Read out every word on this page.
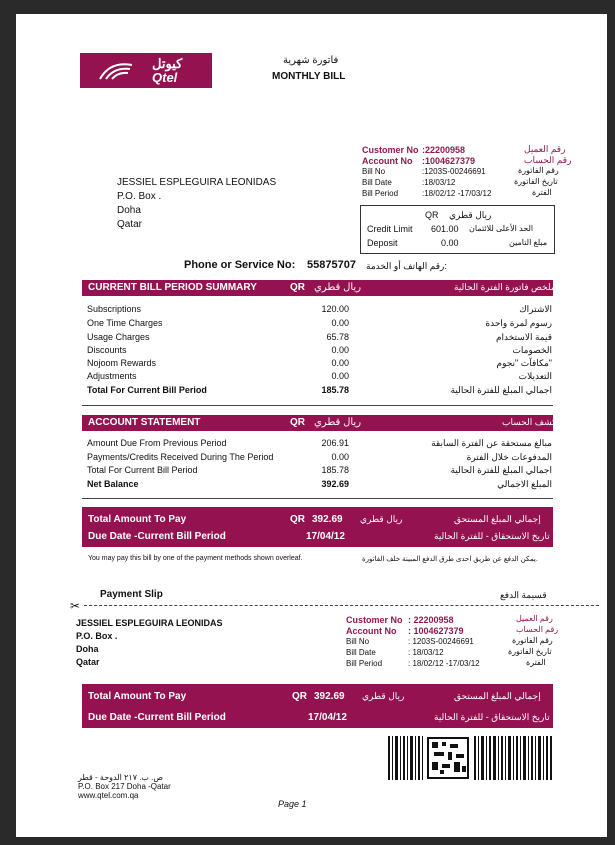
كيوتل
Qtel
فاتورة شهرية
MONTHLY BILL
JESSIEL ESPLEGUIRA LEONIDAS
P.O. Box .
Doha
Qatar
Customer No :22200958	رقم العميل
Account No :1004627379	رقم الحساب
Bill No	:1203S-00246691	رقم الفاتورة
Bill Date	:18/03/12	تاريخ الفاتورة
Bill Period	:18/02/12 -17/03/12	الفترة
QR ريال قطري
Credit Limit 601.00 الحد الأعلى للائتمان
Deposit	0.00	مبلغ التامين
Phone or Service No: 55875707 رقم الهاتف أو الخدمة:
CURRENT BILL PERIOD SUMMARY	QR ريال قطري	ملخص فاتورة الفترة الحالية
Subscriptions	120.00	الاشتراك
One Time Charges	0.00	رسوم لمرة واحدة
Usage Charges	65.78	قيمة الاستخدام
Discounts	0.00	الخصومات
Nojoom Rewards	0.00	مكافآت "نجوم"
Adjustments	0.00	التعديلات
Total For Current Bill Period	185.78	اجمالي المبلغ للفترة الحالية
ACCOUNT STATEMENT	QR ريال قطري	كشف الحساب
Amount Due From Previous Period	206.91	مبالغ مستحقة عن الفترة السابقة
Payments/Credits Received During The Period	0.00	المدفوعات خلال الفترة
Total For Current Bill Period	185.78	اجمالي المبلغ للفترة الحالية
Net Balance	392.69	المبلغ الاجمالي
Total Amount To Pay	QR 392.69 ريال قطري	إجمالي المبلغ المستحق
Due Date -Current Bill Period	17/04/12	تاريخ الاستحقاق - للفترة الحالية
You may pay this bill by one of the payment methods shown overleaf.	يمكن الدفع عن طريق احدى طرق الدفع المبينة خلف الفاتورة.
Payment Slip	قسيمة الدفع
✂
JESSIEL ESPLEGUIRA LEONIDAS
P.O. Box .
Doha
Qatar
Customer No : 22200958	رقم العميل
Account No : 1004627379	رقم الحساب
Bill No	: 1203S-00246691	رقم الفاتورة
Bill Date	: 18/03/12	تاريخ الفاتورة
Bill Period	: 18/02/12 -17/03/12	الفترة
Total Amount To Pay	QR 392.69 ريال قطري	إجمالي المبلغ المستحق
Due Date -Current Bill Period	17/04/12	تاريخ الاستحقاق - للفترة الحالية
ص. ب. ٢١٧ الدوحة - قطر
P.O. Box 217 Doha -Qatar
www.qtel.com.qa
Page 1
